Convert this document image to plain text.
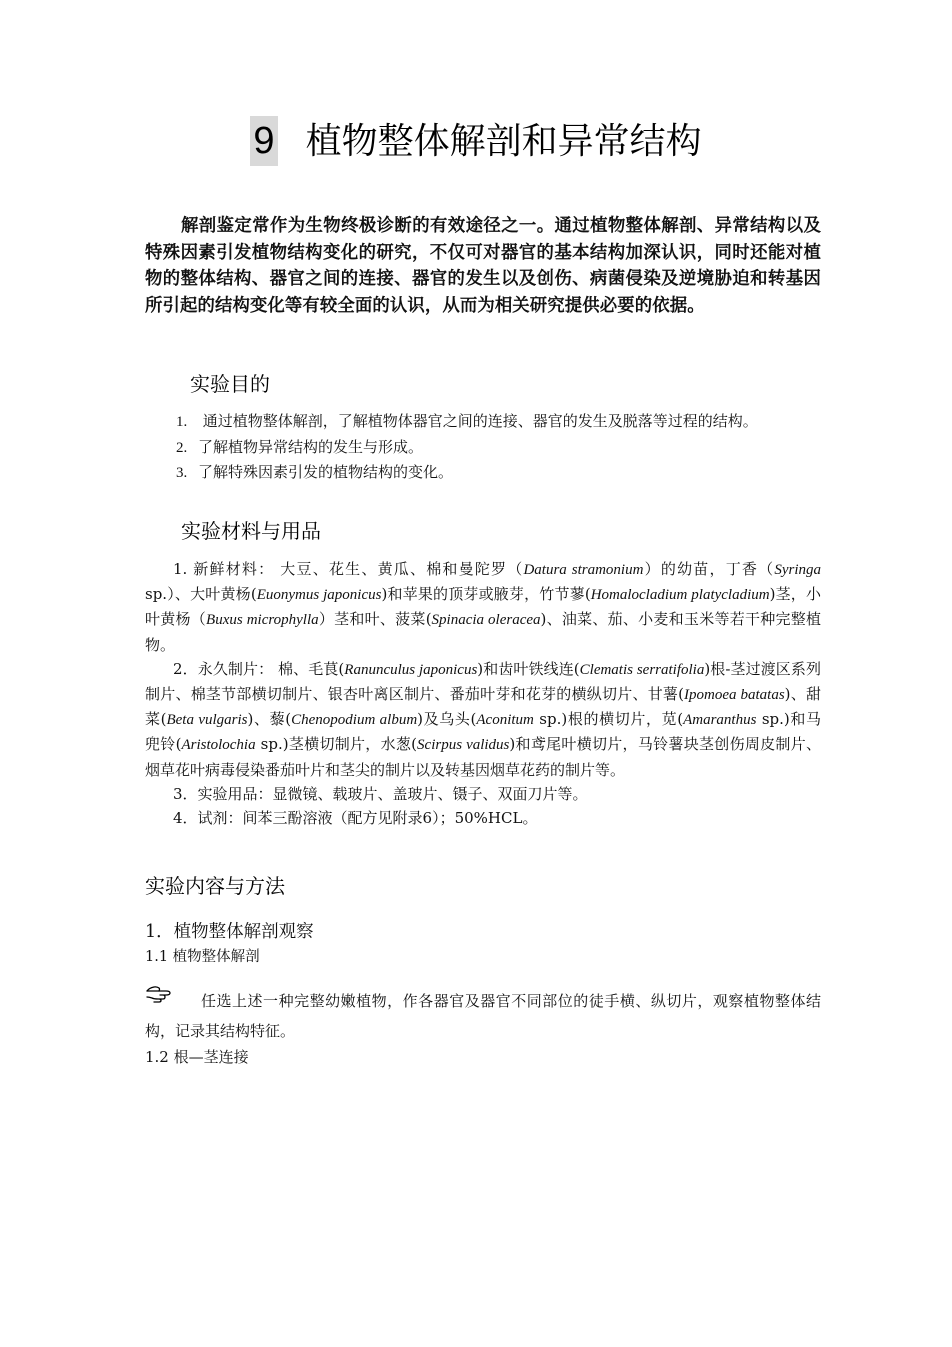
9 植物整体解剖和异常结构
解剖鉴定常作为生物终极诊断的有效途径之一。通过植物整体解剖、异常结构以及特殊因素引发植物结构变化的研究，不仅可对器官的基本结构加深认识，同时还能对植物的整体结构、器官之间的连接、器官的发生以及创伤、病菌侵染及逆境胁迫和转基因所引起的结构变化等有较全面的认识，从而为相关研究提供必要的依据。
实验目的
1. 通过植物整体解剖，了解植物体器官之间的连接、器官的发生及脱落等过程的结构。
2. 了解植物异常结构的发生与形成。
3. 了解特殊因素引发的植物结构的变化。
实验材料与用品

1. 新鲜材料： 大豆、花生、黄瓜、棉和曼陀罗（Datura stramonium）的幼苗，丁香（Syringa sp.）、大叶黄杨(Euonymus japonicus)和苹果的顶芽或腋芽，竹节蓼(Homalocladium platycladium)茎，小叶黄杨（Buxus microphylla）茎和叶、菠菜(Spinacia oleracea)、油菜、茄、小麦和玉米等若干种完整植物。

2．永久制片： 棉、毛茛(Ranunculus japonicus)和齿叶铁线连(Clematis serratifolia)根-茎过渡区系列制片、棉茎节部横切制片、银杏叶离区制片、番茄叶芽和花芽的横纵切片、甘薯(Ipomoea batatas)、甜菜(Beta vulgaris)、藜(Chenopodium album)及乌头(Aconitum sp.)根的横切片，苋(Amaranthus sp.)和马兜铃(Aristolochia sp.)茎横切制片，水葱(Scirpus validus)和鸢尾叶横切片，马铃薯块茎创伤周皮制片、烟草花叶病毒侵染番茄叶片和茎尖的制片以及转基因烟草花药的制片等。

3．实验用品：显微镜、载玻片、盖玻片、镊子、双面刀片等。

4．试剂：间苯三酚溶液（配方见附录6）；50%HCL。

实验内容与方法
1．植物整体解剖观察
1.1 植物整体解剖
任选上述一种完整幼嫩植物，作各器官及器官不同部位的徒手横、纵切片，观察植物整体结构，记录其结构特征。
1.2 根—茎连接
